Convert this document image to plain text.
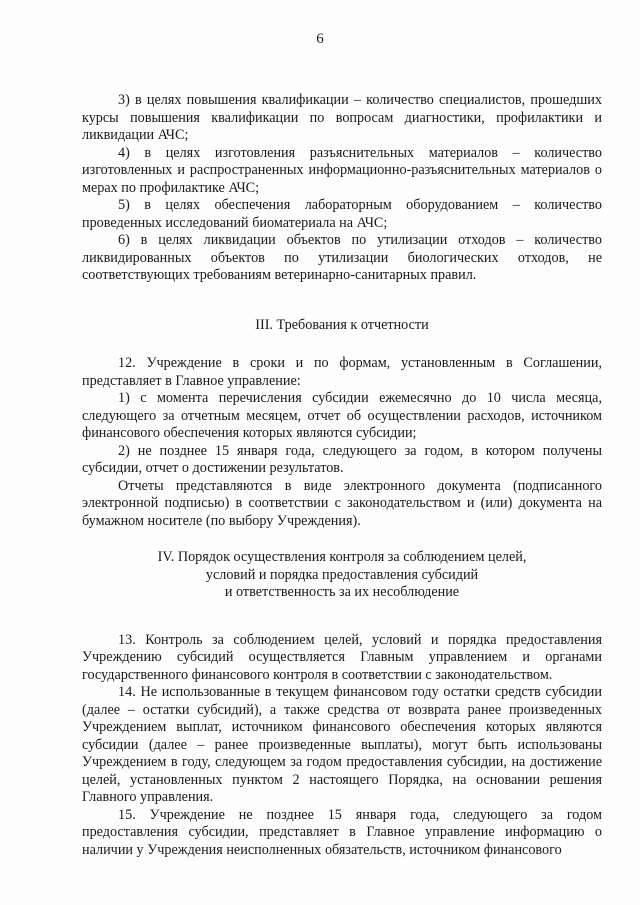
6

3) в целях повышения квалификации – количество специалистов, прошедших курсы повышения квалификации по вопросам диагностики, профилактики и ликвидации АЧС;

4) в целях изготовления разъяснительных материалов – количество изготовленных и распространенных информационно-разъяснительных материалов о мерах по профилактике АЧС;

5) в целях обеспечения лабораторным оборудованием – количество проведенных исследований биоматериала на АЧС;

6) в целях ликвидации объектов по утилизации отходов – количество ликвидированных объектов по утилизации биологических отходов, не соответствующих требованиям ветеринарно-санитарных правил.

III. Требования к отчетности

12. Учреждение в сроки и по формам, установленным в Соглашении, представляет в Главное управление:

1) с момента перечисления субсидии ежемесячно до 10 числа месяца, следующего за отчетным месяцем, отчет об осуществлении расходов, источником финансового обеспечения которых являются субсидии;

2) не позднее 15 января года, следующего за годом, в котором получены субсидии, отчет о достижении результатов.

Отчеты представляются в виде электронного документа (подписанного электронной подписью) в соответствии с законодательством и (или) документа на бумажном носителе (по выбору Учреждения).

IV. Порядок осуществления контроля за соблюдением целей,

условий и порядка предоставления субсидий

и ответственность за их несоблюдение

13. Контроль за соблюдением целей, условий и порядка предоставления Учреждению субсидий осуществляется Главным управлением и органами государственного финансового контроля в соответствии с законодательством.

14. Не использованные в текущем финансовом году остатки средств субсидии (далее – остатки субсидий), а также средства от возврата ранее произведенных Учреждением выплат, источником финансового обеспечения которых являются субсидии (далее – ранее произведенные выплаты), могут быть использованы Учреждением в году, следующем за годом предоставления субсидии, на достижение целей, установленных пунктом 2 настоящего Порядка, на основании решения Главного управления.

15. Учреждение не позднее 15 января года, следующего за годом предоставления субсидии, представляет в Главное управление информацию о наличии у Учреждения неисполненных обязательств, источником финансового
